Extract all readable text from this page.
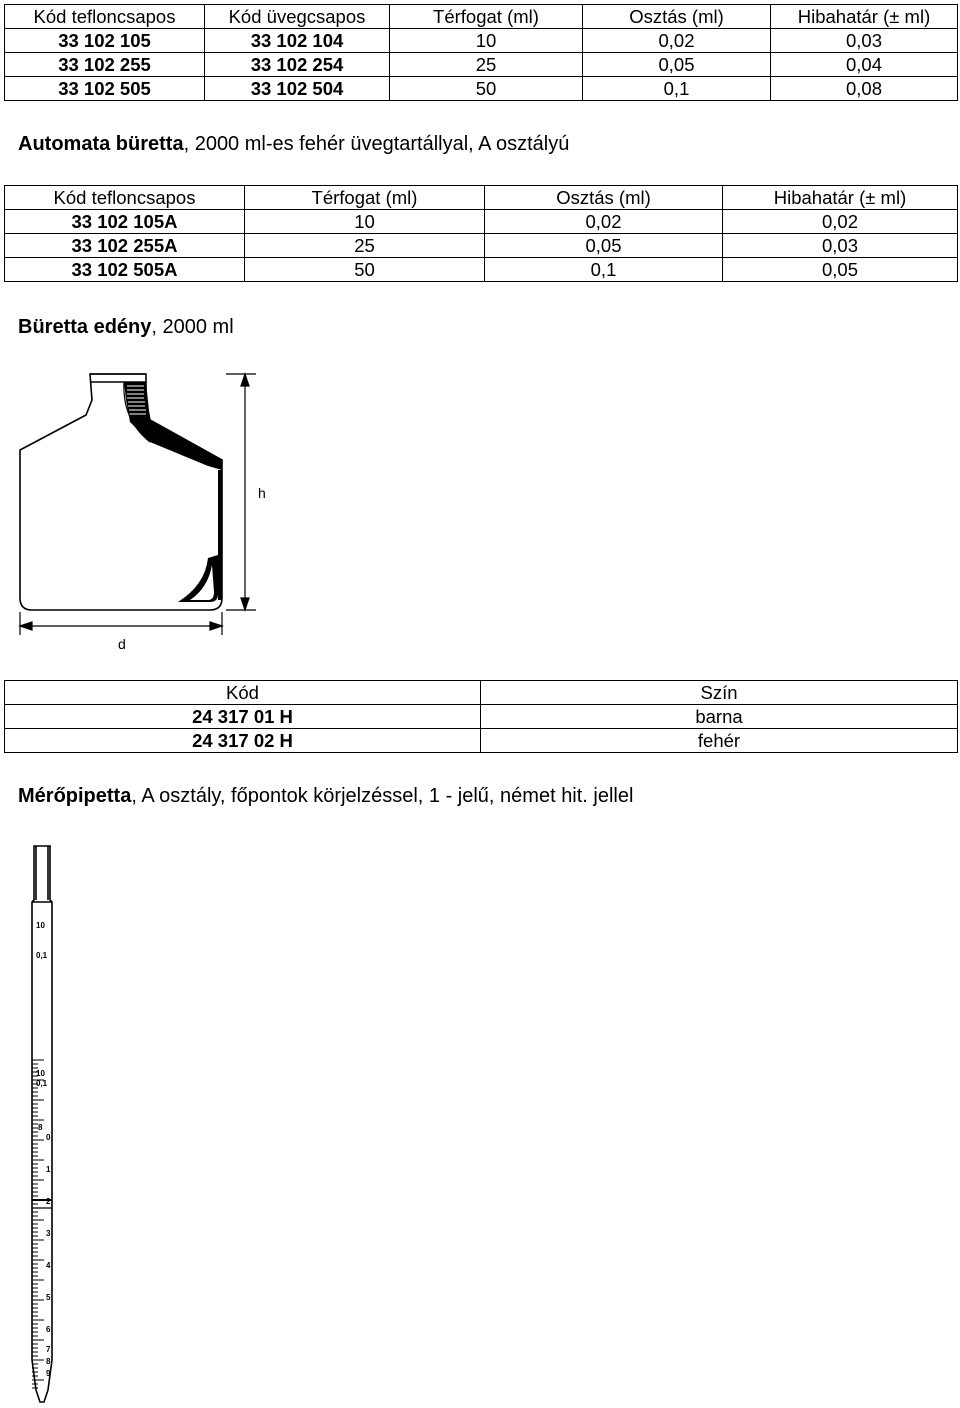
Kód tefloncsapos	Kód üvegcsapos	Térfogat (ml)	Osztás (ml)	Hibahatár (± ml)
33 102 105	33 102 104	10	0,02	0,03
33 102 255	33 102 254	25	0,05	0,04
33 102 505	33 102 504	50	0,1	0,08
Automata büretta, 2000 ml-es fehér üvegtartállyal, A osztályú
Kód tefloncsapos	Térfogat (ml)	Osztás (ml)	Hibahatár (± ml)
33 102 105A	10	0,02	0,02
33 102 255A	25	0,05	0,03
33 102 505A	50	0,1	0,05
Büretta edény, 2000 ml
h
d
Kód	Szín
24 317 01 H	barna
24 317 02 H	fehér
Mérőpipetta, A osztály, főpontok körjelzéssel, 1 - jelű, német hit. jellel
10
0,1
10
0,1
8
0
1
2
3
4
5
6
7
8
9
